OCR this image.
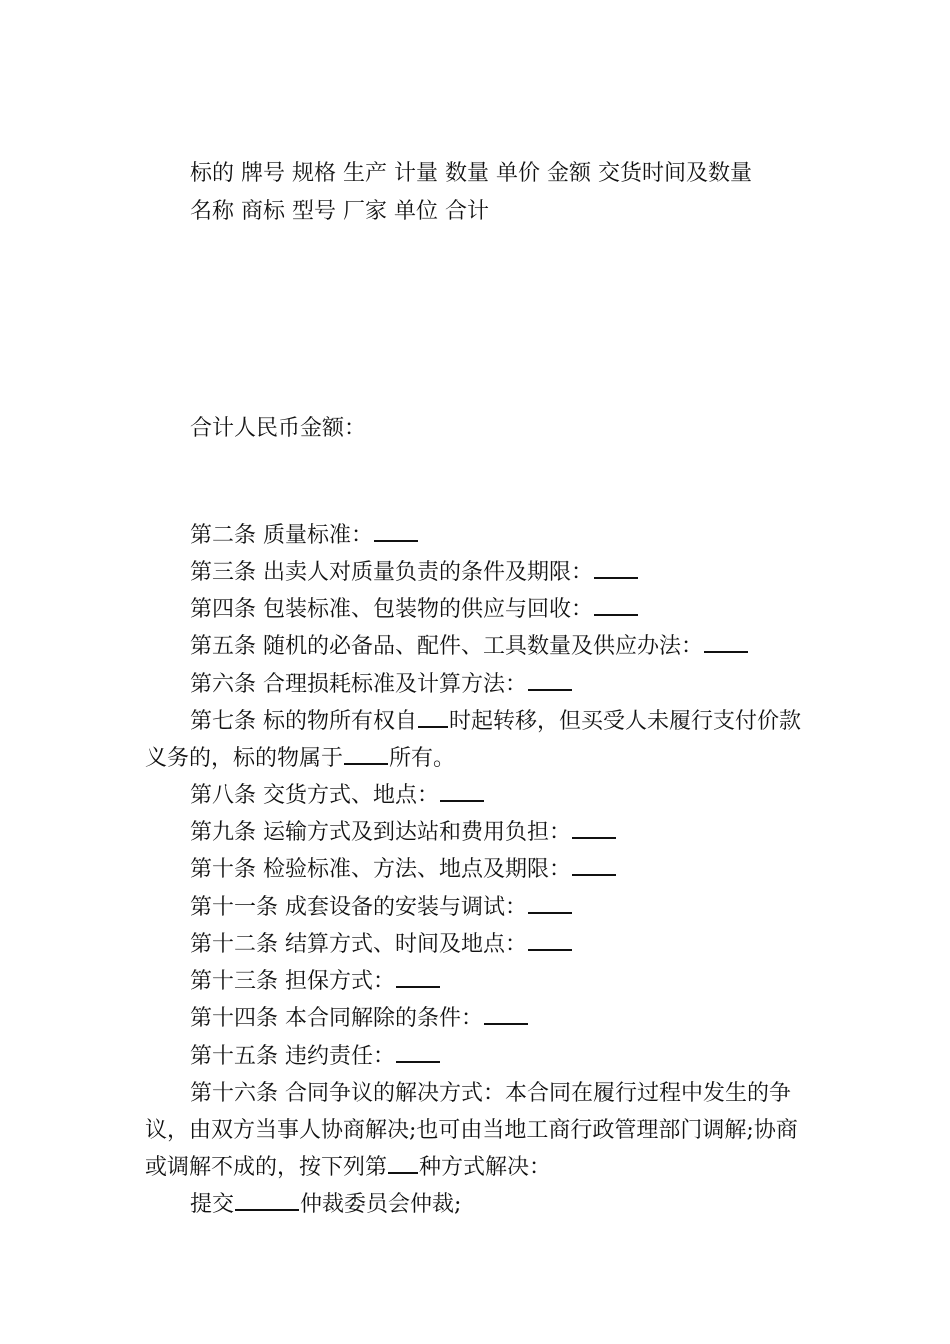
标的 牌号 规格 生产 计量 数量 单价 金额 交货时间及数量
名称 商标 型号 厂家 单位 合计
合计人民币金额：
第二条 质量标准：
第三条 出卖人对质量负责的条件及期限：
第四条 包装标准、包装物的供应与回收：
第五条 随机的必备品、配件、工具数量及供应办法：
第六条 合理损耗标准及计算方法：
第七条 标的物所有权自 时起转移，但买受人未履行支付价款
义务的，标的物属于 所有。
第八条 交货方式、地点：
第九条 运输方式及到达站和费用负担：
第十条 检验标准、方法、地点及期限：
第十一条 成套设备的安装与调试：
第十二条 结算方式、时间及地点：
第十三条 担保方式：
第十四条 本合同解除的条件：
第十五条 违约责任：
第十六条 合同争议的解决方式：本合同在履行过程中发生的争
议，由双方当事人协商解决;也可由当地工商行政管理部门调解;协商
或调解不成的，按下列第 种方式解决：
提交	仲裁委员会仲裁;
